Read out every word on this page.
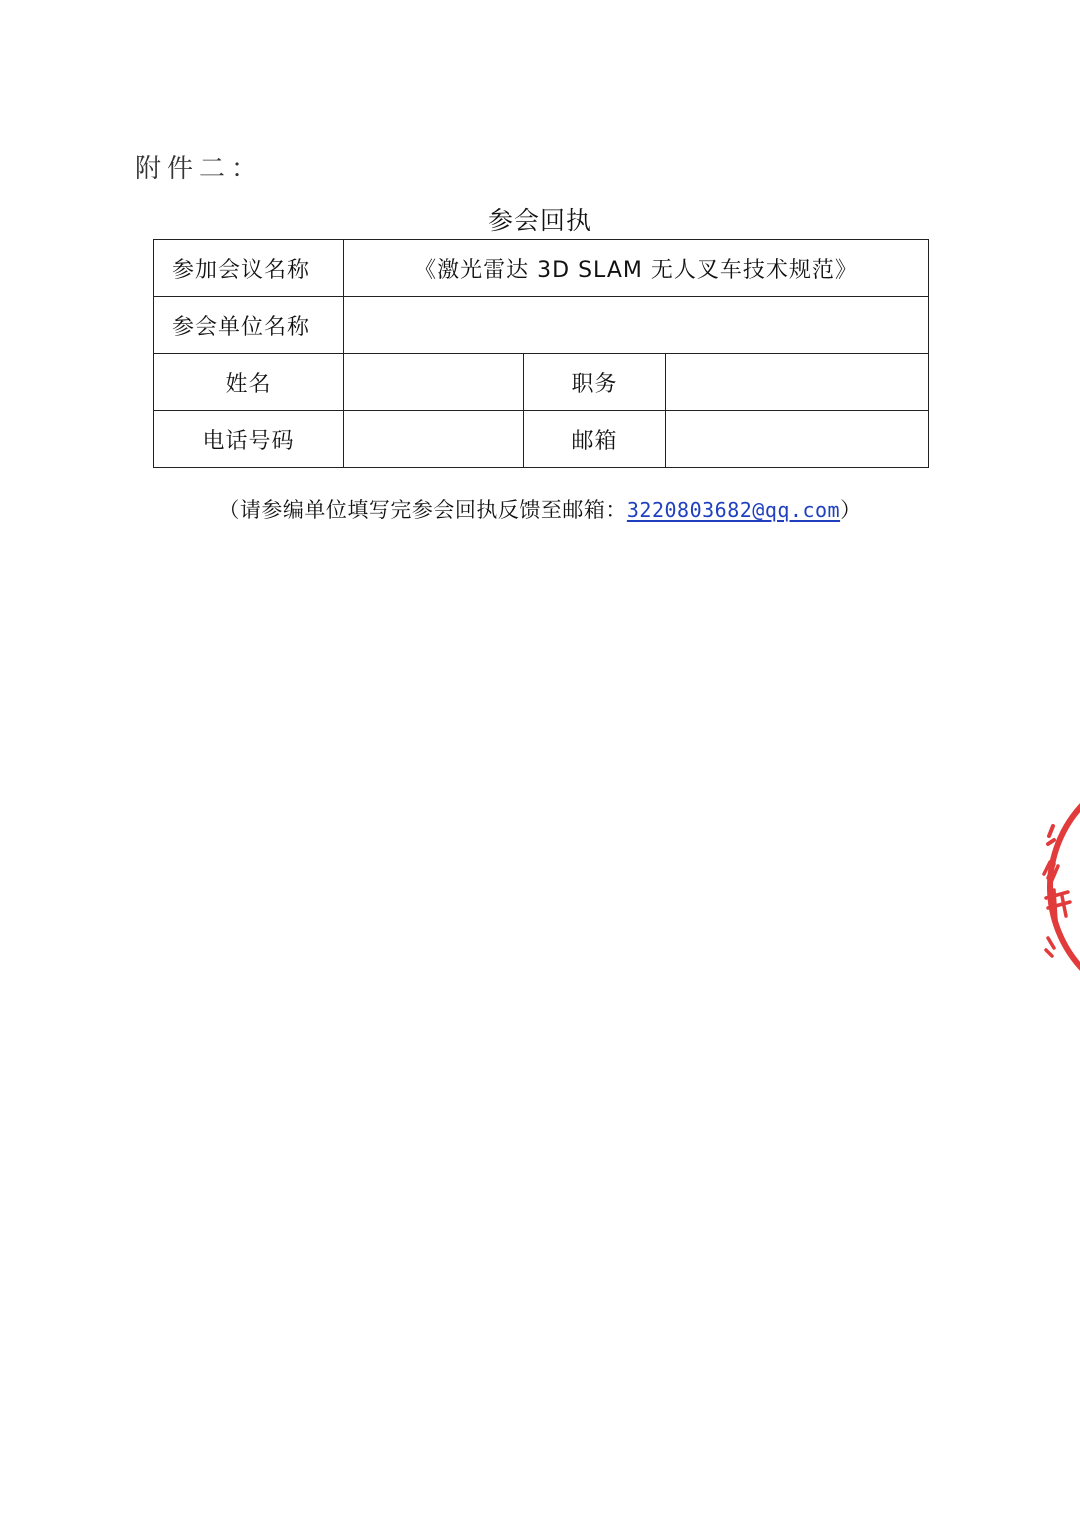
附件二：
参会回执
参加会议名称	《激光雷达 3D SLAM 无人叉车技术规范》		
参会单位名称			
姓名		职务	
电话号码		邮箱	
（请参编单位填写完参会回执反馈至邮箱：3220803682@qq.com）
